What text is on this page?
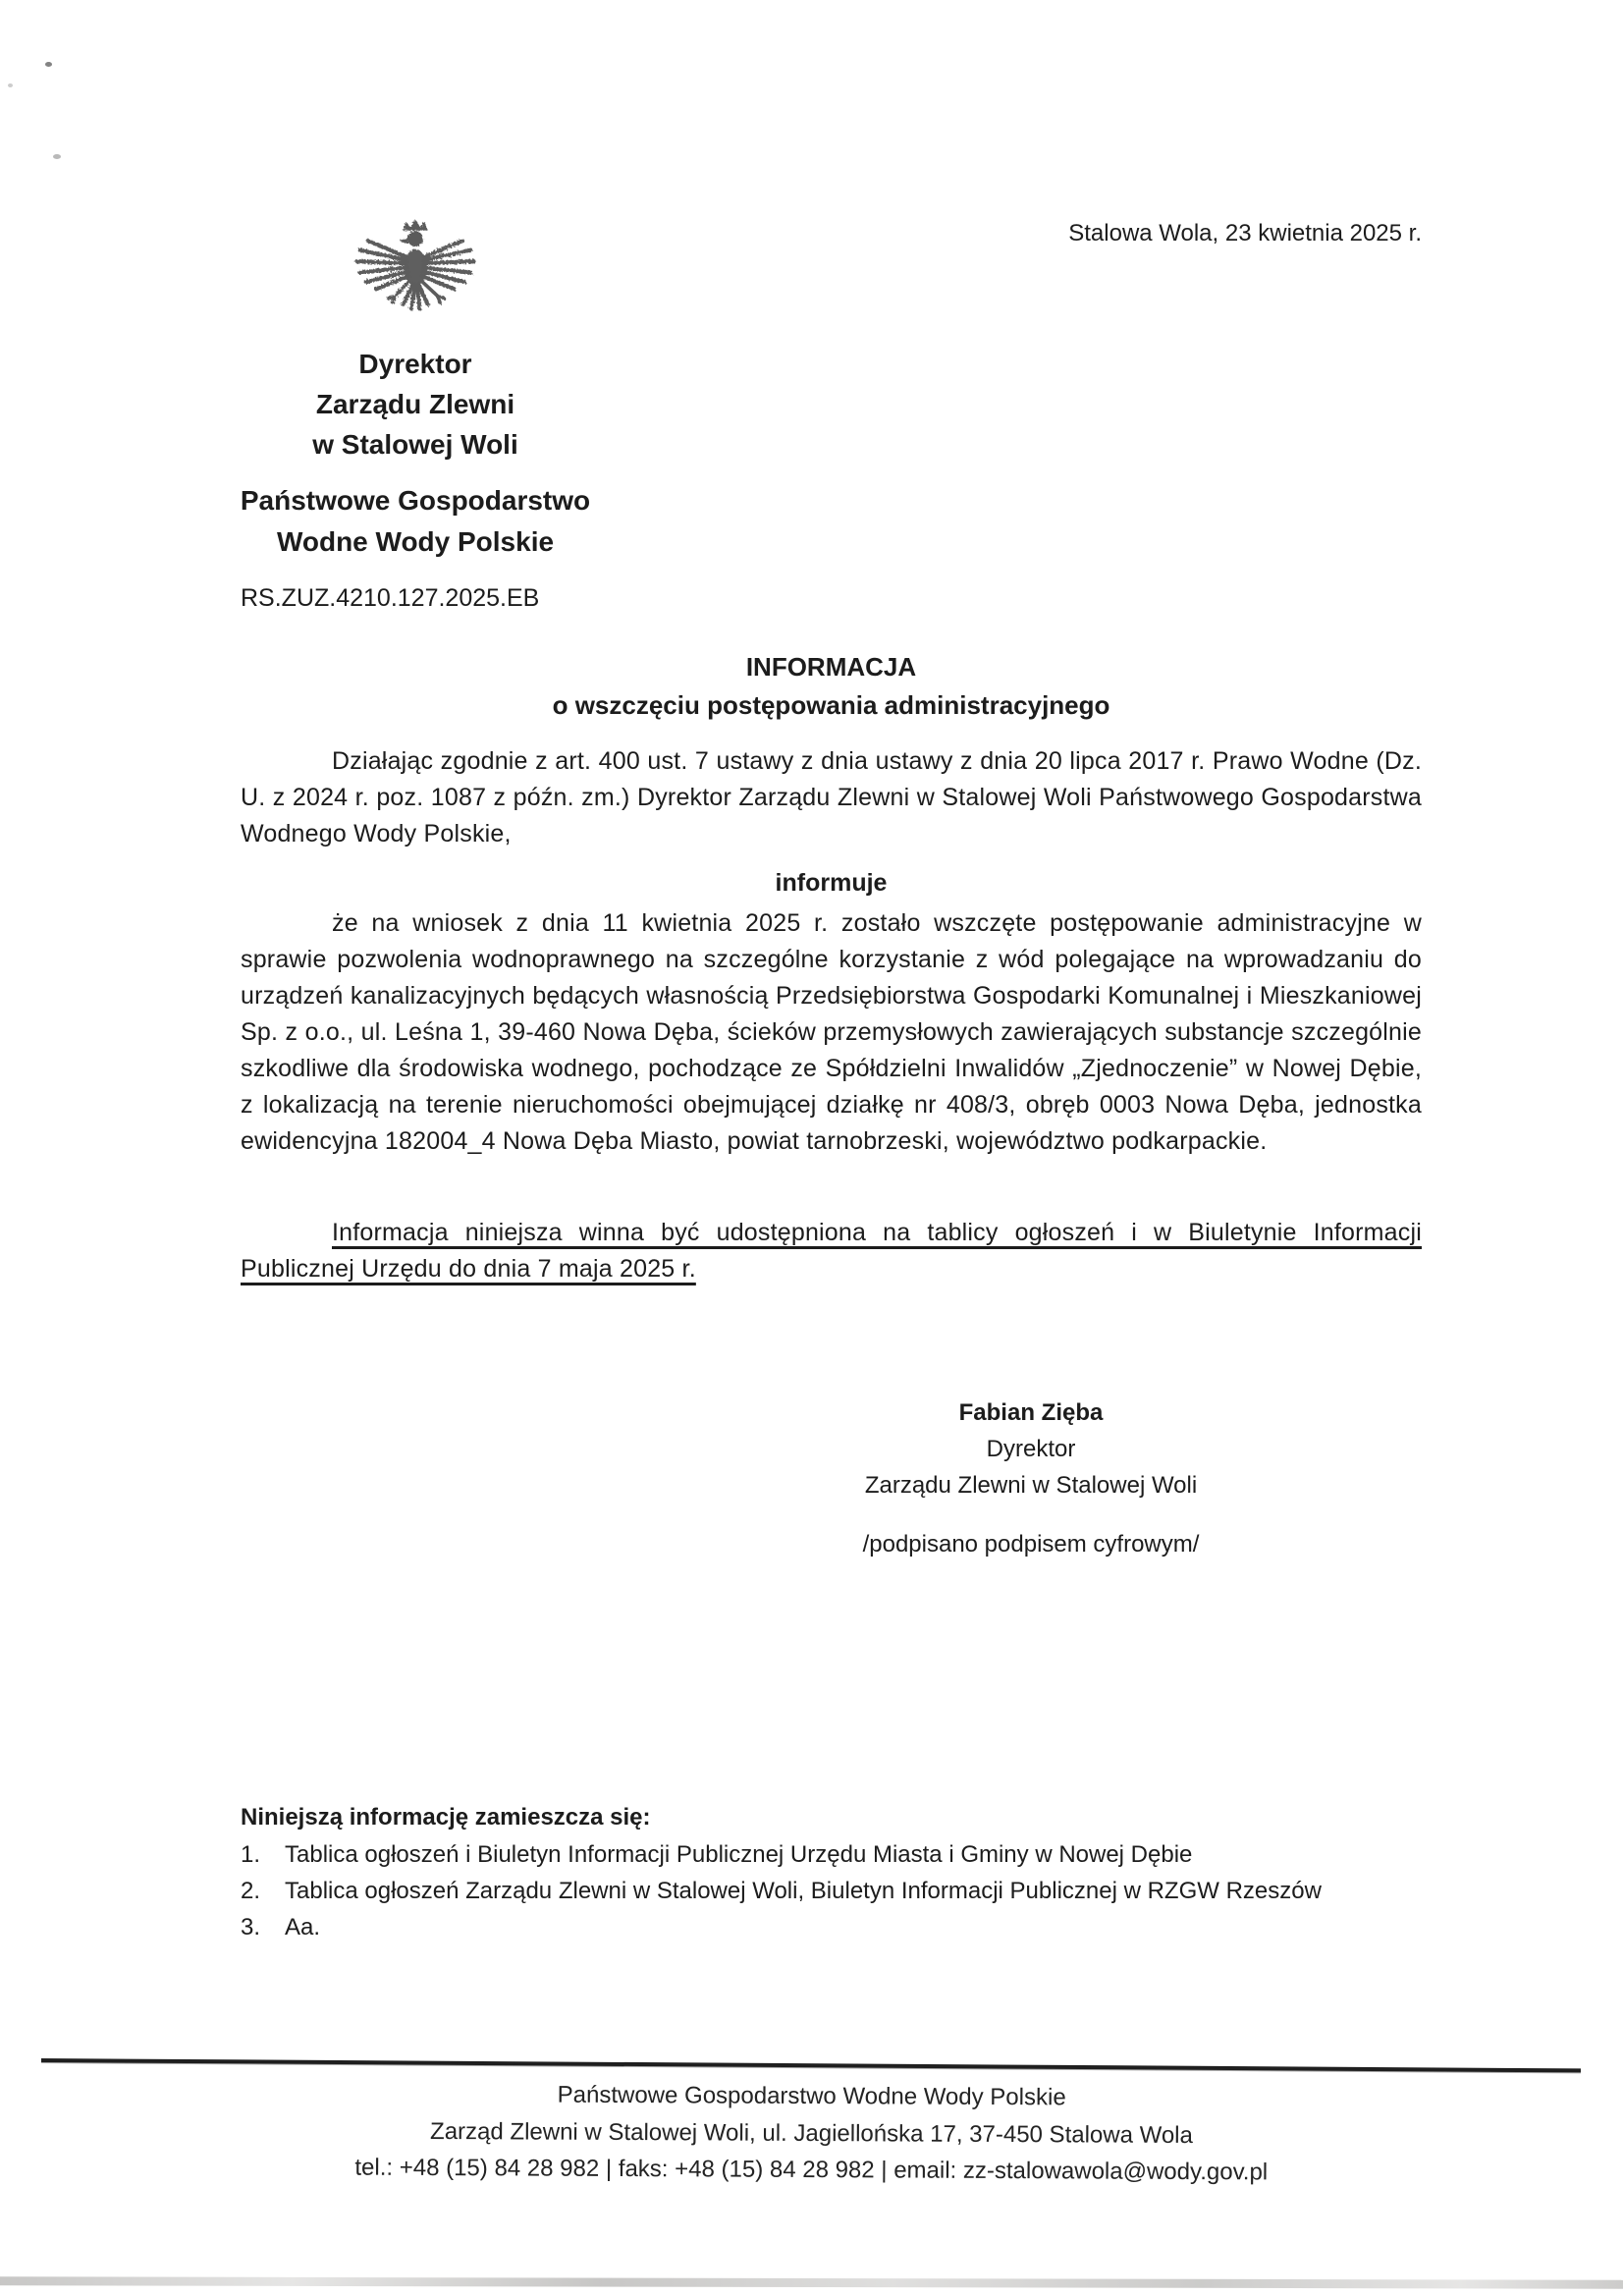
Stalowa Wola, 23 kwietnia 2025 r.
Dyrektor
Zarządu Zlewni
w Stalowej Woli
Państwowe Gospodarstwo
Wodne Wody Polskie
RS.ZUZ.4210.127.2025.EB
INFORMACJA
o wszczęciu postępowania administracyjnego
Działając zgodnie z art. 400 ust. 7 ustawy z dnia ustawy z dnia 20 lipca 2017 r. Prawo Wodne (Dz. U. z 2024 r. poz. 1087 z późn. zm.) Dyrektor Zarządu Zlewni w Stalowej Woli Państwowego Gospodarstwa Wodnego Wody Polskie,
informuje
że na wniosek z dnia 11 kwietnia 2025 r. zostało wszczęte postępowanie administracyjne w sprawie pozwolenia wodnoprawnego na szczególne korzystanie z wód polegające na wprowadzaniu do urządzeń kanalizacyjnych będących własnością Przedsiębiorstwa Gospodarki Komunalnej i Mieszkaniowej Sp. z o.o., ul. Leśna 1, 39-460 Nowa Dęba, ścieków przemysłowych zawierających substancje szczególnie szkodliwe dla środowiska wodnego, pochodzące ze Spółdzielni Inwalidów „Zjednoczenie” w Nowej Dębie, z lokalizacją na terenie nieruchomości obejmującej działkę nr 408/3, obręb 0003 Nowa Dęba, jednostka ewidencyjna 182004_4 Nowa Dęba Miasto, powiat tarnobrzeski, województwo podkarpackie.
Informacja niniejsza winna być udostępniona na tablicy ogłoszeń i w Biuletynie Informacji Publicznej Urzędu do dnia 7 maja 2025 r.
Fabian Zięba
Dyrektor
Zarządu Zlewni w Stalowej Woli
/podpisano podpisem cyfrowym/
Niniejszą informację zamieszcza się:
1. Tablica ogłoszeń i Biuletyn Informacji Publicznej Urzędu Miasta i Gminy w Nowej Dębie
2. Tablica ogłoszeń Zarządu Zlewni w Stalowej Woli, Biuletyn Informacji Publicznej w RZGW Rzeszów
3. Aa.
Państwowe Gospodarstwo Wodne Wody Polskie
Zarząd Zlewni w Stalowej Woli, ul. Jagiellońska 17, 37-450 Stalowa Wola
tel.: +48 (15) 84 28 982 | faks: +48 (15) 84 28 982 | email: zz-stalowawola@wody.gov.pl
